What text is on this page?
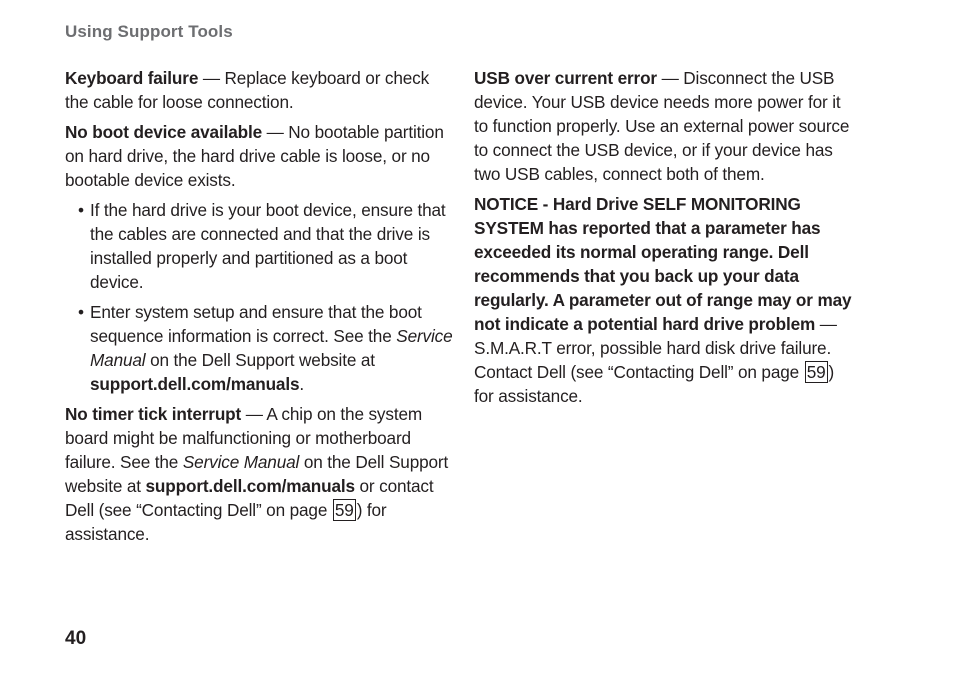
Using Support Tools

Keyboard failure — Replace keyboard or check the cable for loose connection.

No boot device available — No bootable partition on hard drive, the hard drive cable is loose, or no bootable device exists.

• If the hard drive is your boot device, ensure that the cables are connected and that the drive is installed properly and partitioned as a boot device.
• Enter system setup and ensure that the boot sequence information is correct. See the Service Manual on the Dell Support website at support.dell.com/manuals.

No timer tick interrupt — A chip on the system board might be malfunctioning or motherboard failure. See the Service Manual on the Dell Support website at support.dell.com/manuals or contact Dell (see “Contacting Dell” on page 59 ) for assistance.

USB over current error — Disconnect the USB device. Your USB device needs more power for it to function properly. Use an external power source to connect the USB device, or if your device has two USB cables, connect both of them.

NOTICE - Hard Drive SELF MONITORING SYSTEM has reported that a parameter has exceeded its normal operating range. Dell recommends that you back up your data regularly. A parameter out of range may or may not indicate a potential hard drive problem — S.M.A.R.T error, possible hard disk drive failure. Contact Dell (see “Contacting Dell” on page 59 ) for assistance.

40
